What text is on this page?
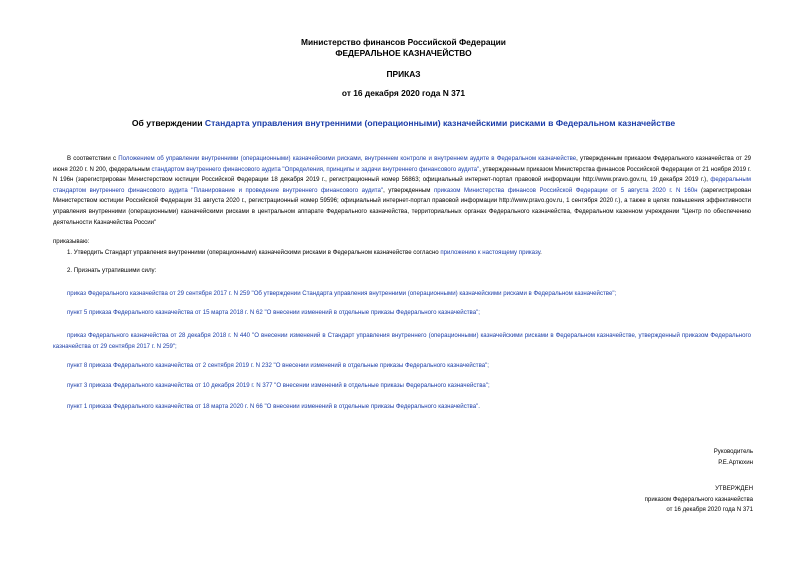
Министерство финансов Российской Федерации
ФЕДЕРАЛЬНОЕ КАЗНАЧЕЙСТВО
ПРИКАЗ
от 16 декабря 2020 года N 371
Об утверждении Стандарта управления внутренними (операционными) казначейскими рисками в Федеральном казначействе
В соответствии с Положением об управлении внутренними (операционными) казначейскими рисками, внутреннем контроле и внутреннем аудите в Федеральном казначействе, утвержденным приказом Федерального казначейства от 29 июня 2020 г. N 200, федеральным стандартом внутреннего финансового аудита "Определения, принципы и задачи внутреннего финансового аудита", утвержденным приказом Министерства финансов Российской Федерации от 21 ноября 2019 г. N 196н (зарегистрирован Министерством юстиции Российской Федерации 18 декабря 2019 г., регистрационный номер 56863; официальный интернет-портал правовой информации http://www.pravo.gov.ru, 19 декабря 2019 г.), федеральным стандартом внутреннего финансового аудита "Планирование и проведение внутреннего финансового аудита", утвержденным приказом Министерства финансов Российской Федерации от 5 августа 2020 г. N 160н (зарегистрирован Министерством юстиции Российской Федерации 31 августа 2020 г., регистрационный номер 59596; официальный интернет-портал правовой информации http://www.pravo.gov.ru, 1 сентября 2020 г.), а также в целях повышения эффективности управления внутренними (операционными) казначейскими рисками в центральном аппарате Федерального казначейства, территориальных органах Федерального казначейства, Федеральном казенном учреждении "Центр по обеспечению деятельности Казначейства России"
приказываю:
1. Утвердить Стандарт управления внутренними (операционными) казначейскими рисками в Федеральном казначействе согласно приложению к настоящему приказу.
2. Признать утратившими силу:
приказ Федерального казначейства от 29 сентября 2017 г. N 259 "Об утверждении Стандарта управления внутренними (операционными) казначейскими рисками в Федеральном казначействе";
пункт 5 приказа Федерального казначейства от 15 марта 2018 г. N 62 "О внесении изменений в отдельные приказы Федерального казначейства";
приказ Федерального казначейства от 28 декабря 2018 г. N 440 "О внесении изменений в Стандарт управления внутреннего (операционными) казначейскими рисками в Федеральном казначействе, утвержденный приказом Федерального казначейства от 29 сентября 2017 г. N 259";
пункт 8 приказа Федерального казначейства от 2 сентября 2019 г. N 232 "О внесении изменений в отдельные приказы Федерального казначейства";
пункт 3 приказа Федерального казначейства от 10 декабря 2019 г. N 377 "О внесении изменений в отдельные приказы Федерального казначейства";
пункт 1 приказа Федерального казначейства от 18 марта 2020 г. N 66 "О внесении изменений в отдельные приказы Федерального казначейства".
Руководитель
Р.Е.Артюхин
УТВЕРЖДЕН
приказом Федерального казначейства
от 16 декабря 2020 года N 371
